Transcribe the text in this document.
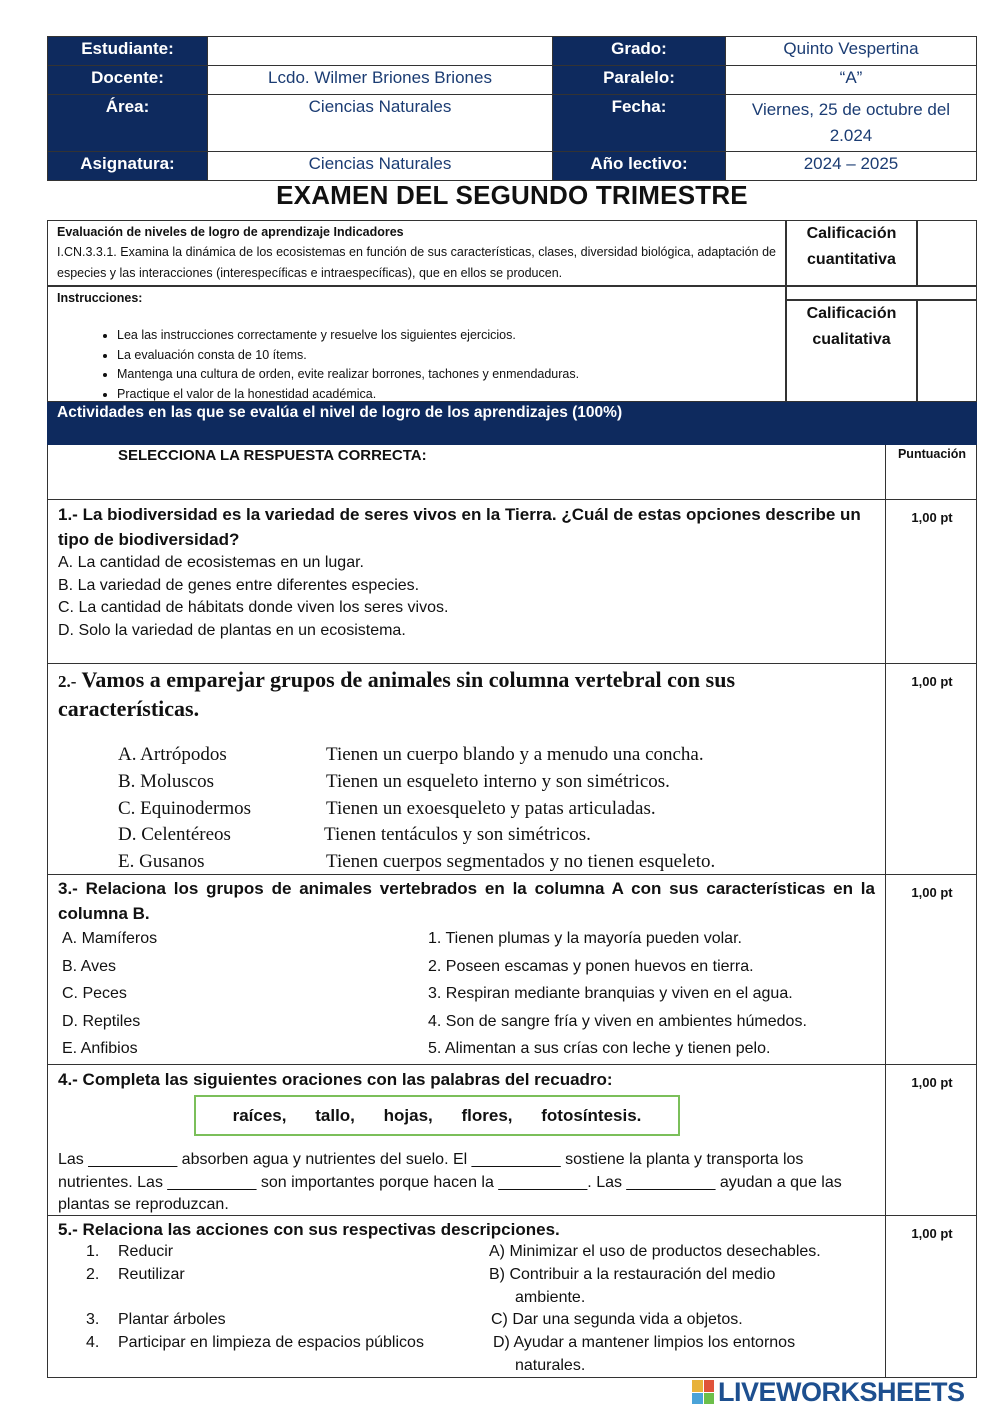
Estudiante:		Grado:	Quinto Vespertina
Docente:	Lcdo. Wilmer Briones Briones	Paralelo:	“A”
Área:	Ciencias Naturales	Fecha:	Viernes, 25 de octubre del 2.024
Asignatura:	Ciencias Naturales	Año lectivo:	2024 – 2025
EXAMEN DEL SEGUNDO TRIMESTRE
Evaluación de niveles de logro de aprendizaje Indicadores
I.CN.3.3.1. Examina la dinámica de los ecosistemas en función de sus características, clases, diversidad biológica, adaptación de especies y las interacciones (interespecíficas e intraespecíficas), que en ellos se producen.
Calificación cuantitativa
Instrucciones:
• Lea las instrucciones correctamente y resuelve los siguientes ejercicios.
• La evaluación consta de 10 ítems.
• Mantenga una cultura de orden, evite realizar borrones, tachones y enmendaduras.
• Practique el valor de la honestidad académica.
Calificación cualitativa
Actividades en las que se evalúa el nivel de logro de los aprendizajes (100%)
SELECCIONA LA RESPUESTA CORRECTA:	Puntuación
1.- La biodiversidad es la variedad de seres vivos en la Tierra. ¿Cuál de estas opciones describe un tipo de biodiversidad?
A. La cantidad de ecosistemas en un lugar.
B. La variedad de genes entre diferentes especies.
C. La cantidad de hábitats donde viven los seres vivos.
D. Solo la variedad de plantas en un ecosistema.
1,00 pt
2.- Vamos a emparejar grupos de animales sin columna vertebral con sus características.
A. Artrópodos	Tienen un cuerpo blando y a menudo una concha.
B. Moluscos	Tienen un esqueleto interno y son simétricos.
C. Equinodermos	Tienen un exoesqueleto y patas articuladas.
D. Celentéreos	Tienen tentáculos y son simétricos.
E. Gusanos	Tienen cuerpos segmentados y no tienen esqueleto.
1,00 pt
3.- Relaciona los grupos de animales vertebrados en la columna A con sus características en la columna B.
A. Mamíferos	1. Tienen plumas y la mayoría pueden volar.
B. Aves	2. Poseen escamas y ponen huevos en tierra.
C. Peces	3. Respiran mediante branquias y viven en el agua.
D. Reptiles	4. Son de sangre fría y viven en ambientes húmedos.
E. Anfibios	5. Alimentan a sus crías con leche y tienen pelo.
1,00 pt
4.- Completa las siguientes oraciones con las palabras del recuadro:
raíces, tallo, hojas, flores, fotosíntesis.
Las __________ absorben agua y nutrientes del suelo. El __________ sostiene la planta y transporta los nutrientes. Las __________ son importantes porque hacen la __________. Las __________ ayudan a que las plantas se reproduzcan.
1,00 pt
5.- Relaciona las acciones con sus respectivas descripciones.
1. Reducir	A) Minimizar el uso de productos desechables.
2. Reutilizar	B) Contribuir a la restauración del medio
ambiente.
3. Plantar árboles	C) Dar una segunda vida a objetos.
4. Participar en limpieza de espacios públicos	D) Ayudar a mantener limpios los entornos
naturales.
1,00 pt
LIVEWORKSHEETS
